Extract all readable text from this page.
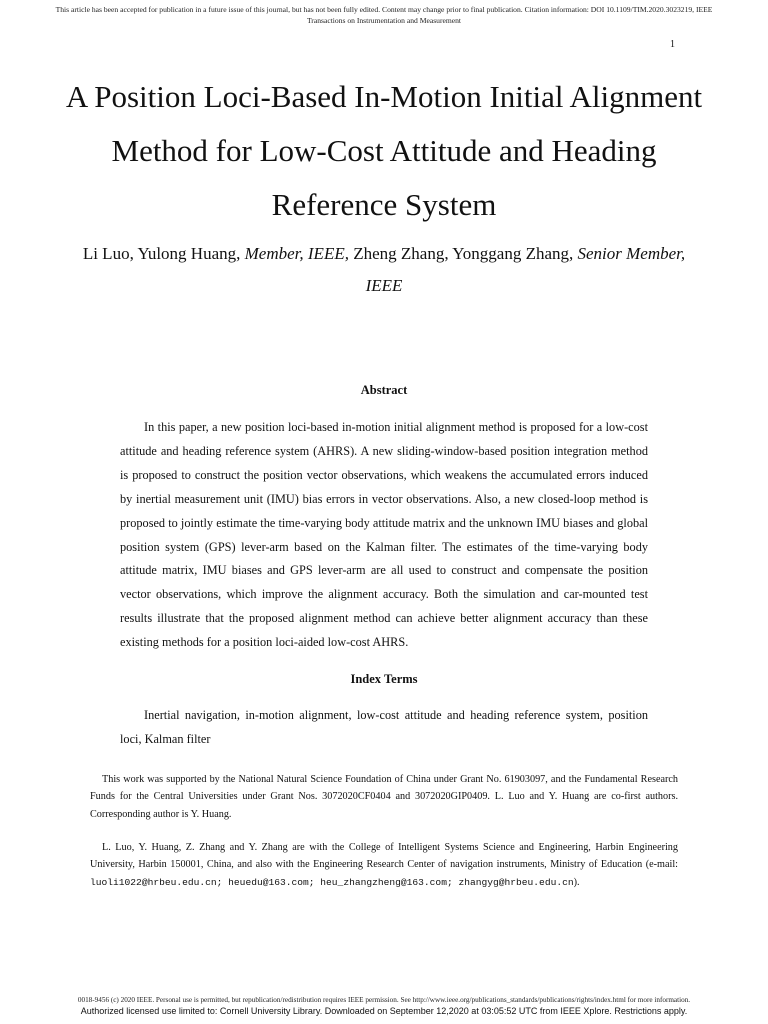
This article has been accepted for publication in a future issue of this journal, but has not been fully edited. Content may change prior to final publication. Citation information: DOI 10.1109/TIM.2020.3023219, IEEE
Transactions on Instrumentation and Measurement
1
A Position Loci-Based In-Motion Initial Alignment Method for Low-Cost Attitude and Heading Reference System
Li Luo, Yulong Huang, Member, IEEE, Zheng Zhang, Yonggang Zhang, Senior Member, IEEE
Abstract

In this paper, a new position loci-based in-motion initial alignment method is proposed for a low-cost attitude and heading reference system (AHRS). A new sliding-window-based position integration method is proposed to construct the position vector observations, which weakens the accumulated errors induced by inertial measurement unit (IMU) bias errors in vector observations. Also, a new closed-loop method is proposed to jointly estimate the time-varying body attitude matrix and the unknown IMU biases and global position system (GPS) lever-arm based on the Kalman filter. The estimates of the time-varying body attitude matrix, IMU biases and GPS lever-arm are all used to construct and compensate the position vector observations, which improve the alignment accuracy. Both the simulation and car-mounted test results illustrate that the proposed alignment method can achieve better alignment accuracy than these existing methods for a position loci-aided low-cost AHRS.

Index Terms

Inertial navigation, in-motion alignment, low-cost attitude and heading reference system, position loci, Kalman filter

This work was supported by the National Natural Science Foundation of China under Grant No. 61903097, and the Fundamental Research Funds for the Central Universities under Grant Nos. 3072020CF0404 and 3072020GIP0409. L. Luo and Y. Huang are co-first authors. Corresponding author is Y. Huang.

L. Luo, Y. Huang, Z. Zhang and Y. Zhang are with the College of Intelligent Systems Science and Engineering, Harbin Engineering University, Harbin 150001, China, and also with the Engineering Research Center of navigation instruments, Ministry of Education (e-mail: luoli1022@hrbeu.edu.cn; heuedu@163.com; heu_zhangzheng@163.com; zhangyg@hrbeu.edu.cn).

0018-9456 (c) 2020 IEEE. Personal use is permitted, but republication/redistribution requires IEEE permission. See http://www.ieee.org/publications_standards/publications/rights/index.html for more information.
Authorized licensed use limited to: Cornell University Library. Downloaded on September 12,2020 at 03:05:52 UTC from IEEE Xplore. Restrictions apply.
